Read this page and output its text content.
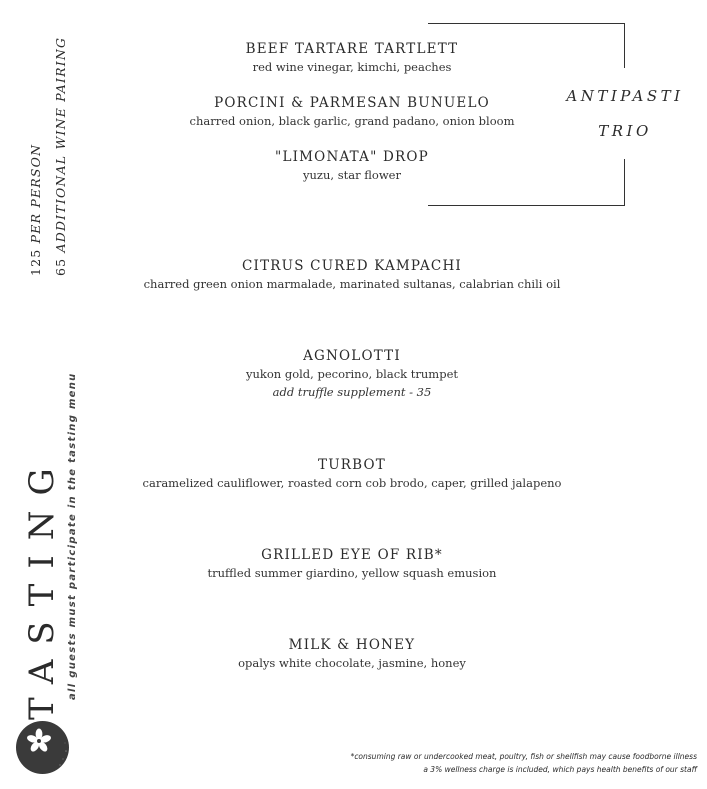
BEEF TARTARE TARTLETT
red wine vinegar, kimchi, peaches
PORCINI & PARMESAN BUNUELO
charred onion, black garlic, grand padano, onion bloom
"LIMONATA" DROP
yuzu, star flower
ANTIPASTI
TRIO
CITRUS CURED KAMPACHI
charred green onion marmalade, marinated sultanas, calabrian chili oil
AGNOLOTTI
yukon gold, pecorino, black trumpet
add truffle supplement - 35
TURBOT
caramelized cauliflower, roasted corn cob brodo, caper, grilled jalapeno
GRILLED EYE OF RIB*
truffled summer giardino, yellow squash emusion
MILK & HONEY
opalys white chocolate, jasmine, honey
125 PER PERSON
65 ADDITIONAL WINE PAIRING
TASTING all guests must participate in the tasting menu
*consuming raw or undercooked meat, poultry, fish or shellfish may cause foodborne illness
a 3% wellness charge is included, which pays health benefits of our staff
